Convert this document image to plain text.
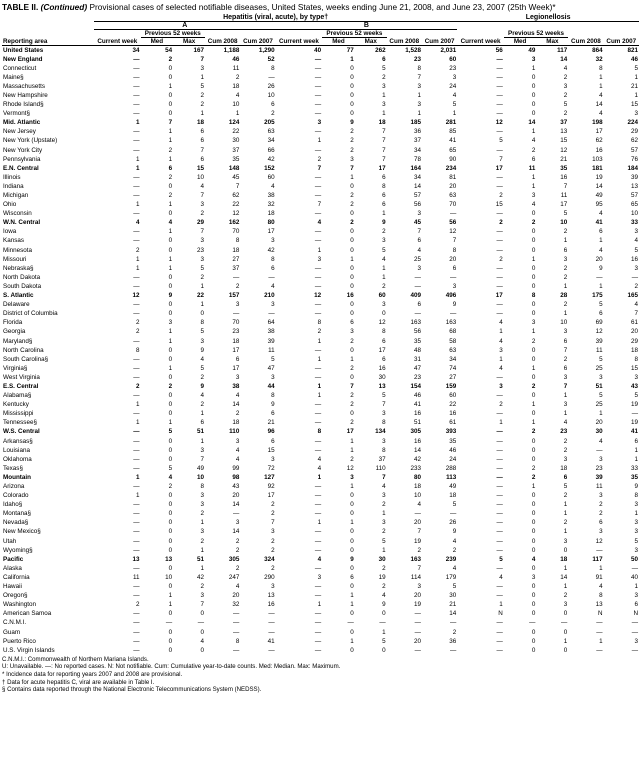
TABLE II. (Continued) Provisional cases of selected notifiable diseases, United States, weeks ending June 21, 2008, and June 23, 2007 (25th Week)*
	Hepatitis (viral, acute), by type†										Legionellosis				
	A					B									
		Previous 52 weeks					Previous 52 weeks					Previous 52 weeks			
Reporting area	Current week	Med	Max	Cum 2008	Cum 2007	Current week	Med	Max	Cum 2008	Cum 2007	Current week	Med	Max	Cum 2008	Cum 2007
United States	34	54	167	1,188	1,290	40	77	262	1,528	2,031	56	49	117	864	821
New England	—	2	7	46	52	—	1	6	23	60	—	3	14	32	46
Connecticut	—	0	3	11	8	—	0	5	8	23	—	1	4	8	5
Maine§	—	0	1	2	—	—	0	2	7	3	—	0	2	1	1
Massachusetts	—	1	5	18	26	—	0	3	3	24	—	0	3	1	21
New Hampshire	—	0	2	4	10	—	0	1	1	4	—	0	2	4	1
Rhode Island§	—	0	2	10	6	—	0	3	3	5	—	0	5	14	15
Vermont§	—	0	1	1	2	—	0	1	1	1	—	0	2	4	3
Mid. Atlantic	1	7	18	124	205	3	9	18	185	281	12	14	37	198	224
New Jersey	—	1	6	22	63	—	2	7	36	85	—	1	13	17	29
New York (Upstate)	—	1	6	30	34	1	2	7	37	41	5	4	15	62	62
New York City	—	2	7	37	66	—	2	7	34	65	—	2	12	16	57
Pennsylvania	1	1	6	35	42	2	3	7	78	90	7	6	21	103	76
E.N. Central	1	6	15	148	152	7	7	17	164	234	17	11	35	181	184
Illinois	—	2	10	45	60	—	1	6	34	81	—	1	16	19	39
Indiana	—	0	4	7	4	—	0	8	14	20	—	1	7	14	13
Michigan	—	2	7	62	38	—	2	6	57	63	2	3	11	49	57
Ohio	1	1	3	22	32	7	2	6	56	70	15	4	17	95	65
Wisconsin	—	0	2	12	18	—	0	1	3	—	—	0	5	4	10
W.N. Central	4	4	29	162	80	4	2	9	45	56	2	2	10	41	33
Iowa	—	1	7	70	17	—	0	2	7	12	—	0	2	6	3
Kansas	—	0	3	8	3	—	0	3	6	7	—	0	1	1	4
Minnesota	2	0	23	18	42	1	0	5	4	8	—	0	6	4	5
Missouri	1	1	3	27	8	3	1	4	25	20	2	1	3	20	16
Nebraska§	1	1	5	37	6	—	0	1	3	6	—	0	2	9	3
North Dakota	—	0	2	—	—	—	0	1	—	—	—	0	2	—	—
South Dakota	—	0	1	2	4	—	0	2	—	3	—	0	1	1	2
S. Atlantic	12	9	22	157	210	12	16	60	409	496	17	8	28	175	165
Delaware	—	0	1	3	3	—	0	3	6	9	—	0	2	5	4
District of Columbia	—	0	0	—	—	—	0	0	—	—	—	0	1	6	7
Florida	2	3	8	70	64	8	6	12	163	163	4	3	10	69	61
Georgia	2	1	5	23	38	2	3	8	56	68	1	1	3	12	20
Maryland§	—	1	3	18	39	1	2	6	35	58	4	2	6	39	29
North Carolina	8	0	9	17	11	—	0	17	48	63	3	0	7	11	18
South Carolina§	—	0	4	6	5	1	1	6	31	34	1	0	2	5	8
Virginia§	—	1	5	17	47	—	2	16	47	74	4	1	6	25	15
West Virginia	—	0	2	3	3	—	0	30	23	27	—	0	3	3	3
E.S. Central	2	2	9	38	44	1	7	13	154	159	3	2	7	51	43
Alabama§	—	0	4	4	8	1	2	5	46	60	—	0	1	5	5
Kentucky	1	0	2	14	9	—	2	7	41	22	2	1	3	25	19
Mississippi	—	0	1	2	6	—	0	3	16	16	—	0	1	1	—
Tennessee§	1	1	6	18	21	—	2	8	51	61	1	1	4	20	19
W.S. Central	—	5	51	110	96	8	17	134	305	393	—	2	23	30	41
Arkansas§	—	0	1	3	6	—	1	3	16	35	—	0	2	4	6
Louisiana	—	0	3	4	15	—	1	8	14	46	—	0	2	—	1
Oklahoma	—	0	7	4	3	4	2	37	42	24	—	0	3	3	1
Texas§	—	5	49	99	72	4	12	110	233	288	—	2	18	23	33
Mountain	1	4	10	98	127	1	3	7	80	113	—	2	6	39	35
Arizona	—	2	8	43	92	—	1	4	18	49	—	1	5	11	9
Colorado	1	0	3	20	17	—	0	3	10	18	—	0	2	3	8
Idaho§	—	0	3	14	2	—	0	2	4	5	—	0	1	2	3
Montana§	—	0	2	—	2	—	0	1	—	—	—	0	1	2	1
Nevada§	—	0	1	3	7	1	1	3	20	26	—	0	2	6	3
New Mexico§	—	0	3	14	3	—	0	2	7	9	—	0	1	3	3
Utah	—	0	2	2	2	—	0	5	19	4	—	0	3	12	5
Wyoming§	—	0	1	2	2	—	0	1	2	2	—	0	0	—	3
Pacific	13	13	51	305	324	4	9	30	163	239	5	4	18	117	50
Alaska	—	0	1	2	2	—	0	2	7	4	—	0	1	1	—
California	11	10	42	247	290	3	6	19	114	179	4	3	14	91	40
Hawaii	—	0	2	4	3	—	0	2	3	5	—	0	1	4	1
Oregon§	—	1	3	20	13	—	1	4	20	30	—	0	2	8	3
Washington	2	1	7	32	16	1	1	9	19	21	1	0	3	13	6
American Samoa	—	0	0	—	—	—	0	0	—	14	N	0	0	N	N
C.N.M.I.	—	—	—	—	—	—	—	—	—	—	—	—	—	—	—
Guam	—	0	0	—	—	—	0	1	—	2	—	0	0	—	—
Puerto Rico	—	0	4	8	41	—	1	5	20	36	—	0	1	1	3
U.S. Virgin Islands	—	0	0	—	—	—	0	0	—	—	—	0	0	—	—
C.N.M.I.: Commonwealth of Northern Mariana Islands.
U: Unavailable. —: No reported cases. N: Not notifiable. Cum: Cumulative year-to-date counts. Med: Median. Max: Maximum.
* Incidence data for reporting years 2007 and 2008 are provisional.
† Data for acute hepatitis C, viral are available in Table I.
§ Contains data reported through the National Electronic Telecommunications System (NEDSS).
